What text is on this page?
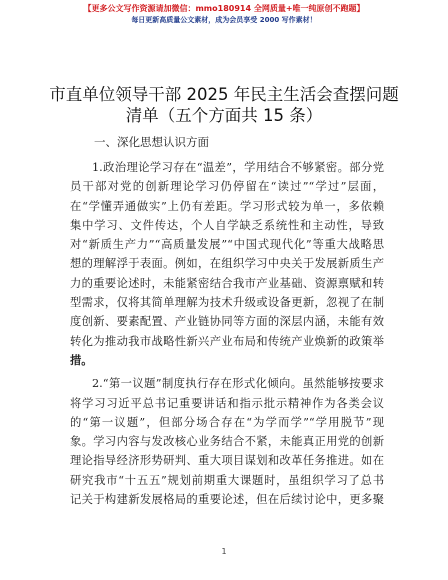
【更多公文写作资源请加微信：mmo180914 全网质量+唯一纯原创不跑题】
每日更新高质量公文素材，成为会员享受 2000 写作素材！
市直单位领导干部 2025 年民主生活会查摆问题
清单（五个方面共 15 条）
一、深化思想认识方面
1.政治理论学习存在“温差”，学用结合不够紧密。部分党
员干部对党的创新理论学习仍停留在“读过”“学过”层面，
在“学懂弄通做实”上仍有差距。学习形式较为单一，多依赖
集中学习、文件传达，个人自学缺乏系统性和主动性，导致
对“新质生产力”“高质量发展”“中国式现代化”等重大战略思
想的理解浮于表面。例如，在组织学习中央关于发展新质生产
力的重要论述时，未能紧密结合我市产业基础、资源禀赋和转
型需求，仅将其简单理解为技术升级或设备更新，忽视了在制
度创新、要素配置、产业链协同等方面的深层内涵，未能有效
转化为推动我市战略性新兴产业布局和传统产业焕新的政策举
措。
2.“第一议题”制度执行存在形式化倾向。虽然能够按要求
将学习习近平总书记重要讲话和指示批示精神作为各类会议
的“第一议题”，但部分场合存在“为学而学”“学用脱节”现
象。学习内容与发改核心业务结合不紧，未能真正用党的创新
理论指导经济形势研判、重大项目谋划和改革任务推进。如在
研究我市“十五五”规划前期重大课题时，虽组织学习了总书
记关于构建新发展格局的重要论述，但在后续讨论中，更多聚
1
